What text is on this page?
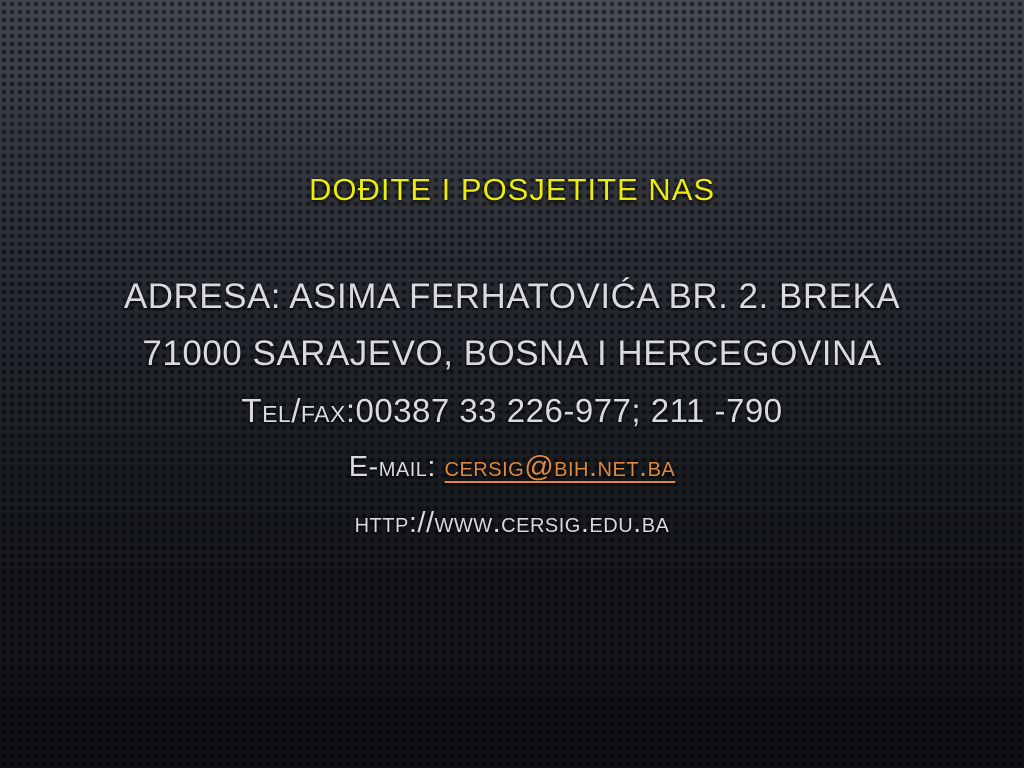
DOĐITE I POSJETITE NAS
ADRESA: ASIMA FERHATOVIĆA BR. 2. BREKA
71000 SARAJEVO, BOSNA I HERCEGOVINA
Tel/fax:00387 33 226-977; 211 -790
E-mail: cersig@bih.net.ba
http://www.cersig.edu.ba
